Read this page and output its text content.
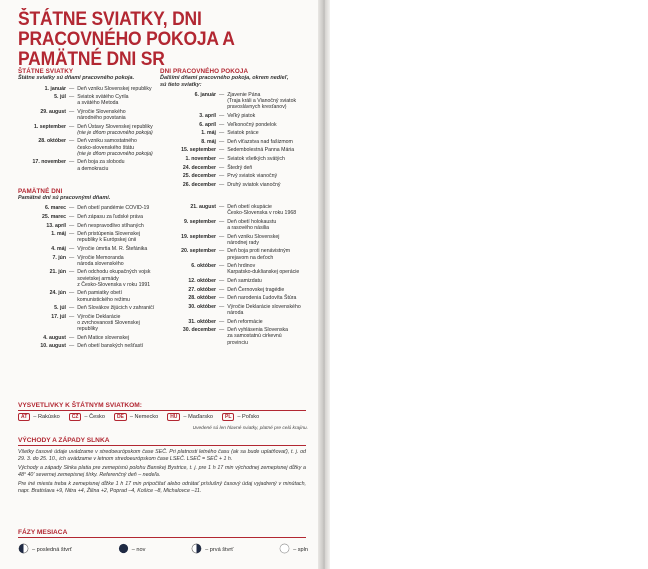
ŠTÁTNE SVIATKY, DNI PRACOVNÉHO POKOJA A PAMÄTNÉ DNI SR
ŠTÁTNE SVIATKY
Štátne sviatky sú dňami pracovného pokoja.
1. január — Deň vzniku Slovenskej republiky
5. júl — Sviatok svätého Cyrila
a svätého Metoda
29. august — Výročie Slovenského
národného povstania
1. september — Deň Ústavy Slovenskej republiky
(nie je dňom pracovného pokoja)
28. október — Deň vzniku samostatného
česko-slovenského štátu
(nie je dňom pracovného pokoja)
17. november — Deň boja za slobodu
a demokraciu
PAMÄTNÉ DNI
Pamätné dni sú pracovnými dňami.
6. marec — Deň obetí pandémie COVID-19
25. marec — Deň zápasu za ľudské práva
13. apríl — Deň nespravodlivo stíhaných
1. máj — Deň pristúpenia Slovenskej
republiky k Európskej únii
4. máj — Výročie úmrtia M. R. Štefánika
7. jún — Výročie Memoranda
národa slovenského
21. jún — Deň odchodu okupačných vojsk
sovietskej armády
z Česko-Slovenska v roku 1991
24. jún — Deň pamiatky obetí
komunistického režimu
5. júl — Deň Slovákov žijúcich v zahraničí
17. júl — Výročie Deklarácie
o zvrchovanosti Slovenskej
republiky
4. august — Deň Matice slovenskej
10. august — Deň obetí banských nešťastí
DNI PRACOVNÉHO POKOJA
Ďalšími dňami pracovného pokoja, okrem nedieľ,
sú tieto sviatky:
6. január — Zjavenie Pána
(Traja králi a Vianočný sviatok
pravoslávnych kresťanov)
3. apríl — Veľký piatok
6. apríl — Veľkonočný pondelok
1. máj — Sviatok práce
8. máj — Deň víťazstva nad fašizmom
15. september — Sedembolestná Panna Mária
1. november — Sviatok všetkých svätých
24. december — Štedrý deň
25. december — Prvý sviatok vianočný
26. december — Druhý sviatok vianočný
21. august — Deň obetí okupácie
Česko-Slovenska v roku 1968
9. september — Deň obetí holokaustu
a rasového násilia
19. september — Deň vzniku Slovenskej
národnej rady
20. september — Deň boja proti nenávistným
prejavom na deťoch
6. október — Deň hrdinov
Karpatsko-duklianskej operácie
12. október — Deň samizdatu
27. október — Deň Černovskej tragédie
28. október — Deň narodenia Ľudovíta Štúra
30. október — Výročie Deklarácie slovenského
národa
31. október — Deň reformácie
30. december — Deň vyhlásenia Slovenska
za samostatnú cirkevnú
provinciu
VYSVETLIVKY K ŠTÁTNYM SVIATKOM:
AT	– Rakúsko	CZ	– Česko	DE	– Nemecko	HU	– Maďarsko	PL	– Poľsko
Uvedené sú len hlavné sviatky, platné pre celú krajinu.
VÝCHODY A ZÁPADY SLNKA

Všetky časové údaje uvádzame v stredoeurópskom čase SEČ. Pri platnosti letného času (ak sa bude uplatňovať), t. j. od 29. 3. do 25. 10., ich uvádzame v letnom stredoeurópskom čase LSEČ. LSEČ = SEČ + 1 h.

Východy a západy Slnka platia pre zemepisnú polohu Banskej Bystrice, t. j. pre 1 h 17 min východnej zemepisnej dĺžky a 48° 40' severnej zemepisnej šírky. Referenčný deň – nedeľa.

Pre iné miesta treba k zemepisnej dĺžke 1 h 17 min pripočítať alebo odrátať príslušný časový údaj vyjadrený v minútach, napr. Bratislava +9, Nitra +4, Žilina +2, Poprad –4, Košice –8, Michalovce –11.

FÁZY MESIACA
– posledná štvrť	– nov	– prvá štvrť	– spln
